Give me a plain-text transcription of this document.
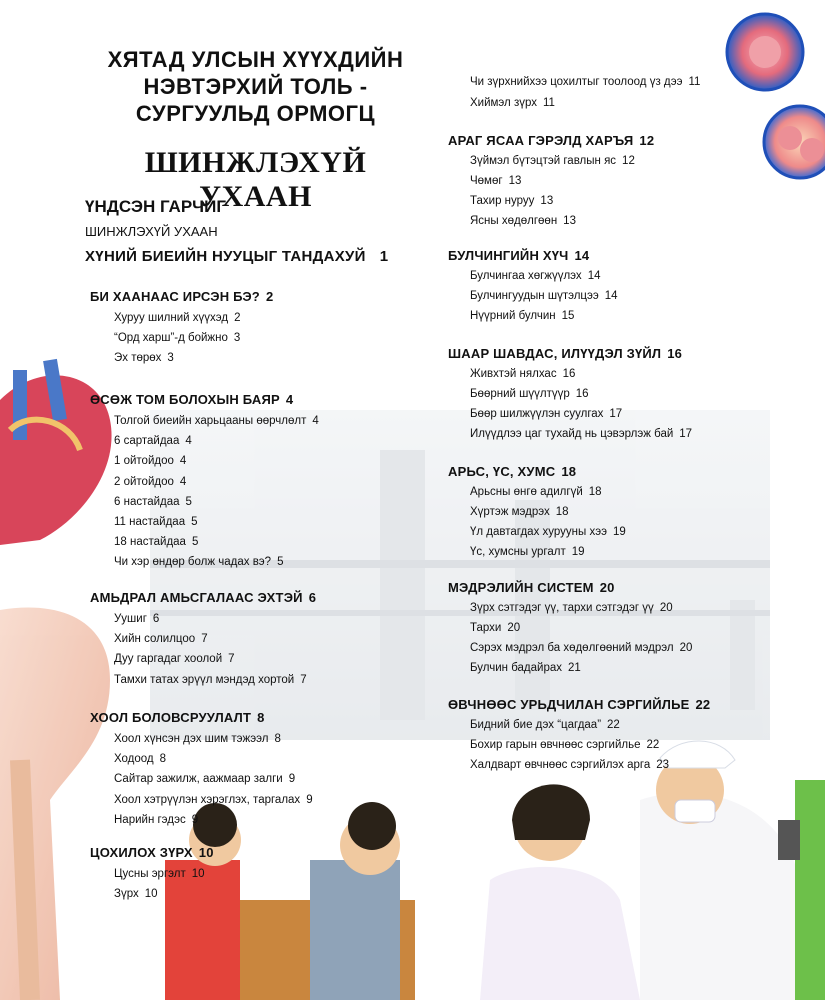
ХЯТАД УЛСЫН ХҮҮХДИЙН
НЭВТЭРХИЙ ТОЛЬ -
СУРГУУЛЬД ОРМОГЦ
ШИНЖЛЭХҮЙ УХААН
ҮНДСЭН ГАРЧИГ
ШИНЖЛЭХҮЙ УХААН
ХҮНИЙ БИЕИЙН НУУЦЫГ ТАНДАХУЙ 1
БИ ХААНААС ИРСЭН БЭ? 2
Хуруу шилний хүүхэд 2
“Орд харш”-д бойжно 3
Эх төрөх 3
ӨСӨЖ ТОМ БОЛОХЫН БАЯР 4
Толгой биеийн харьцааны өөрчлөлт 4
6 сартайдаа 4
1 ойтойдоо 4
2 ойтойдоо 4
6 настайдаа 5
11 настайдаа 5
18 настайдаа 5
Чи хэр өндөр болж чадах вэ? 5
АМЬДРАЛ АМЬСГАЛААС ЭХТЭЙ 6
Уушиг 6
Хийн солилцоо 7
Дуу гаргадаг хоолой 7
Тамхи татах эрүүл мэндэд хортой 7
ХООЛ БОЛОВСРУУЛАЛТ 8
Хоол хүнсэн дэх шим тэжээл 8
Ходоод 8
Сайтар зажилж, аажмаар залги 9
Хоол хэтрүүлэн хэрэглэх, таргалах 9
Нарийн гэдэс 9
ЦОХИЛОХ ЗҮРХ 10
Цусны эргэлт 10
Зүрх 10
Чи зүрхнийхээ цохилтыг тоолоод үз дээ 11
Хиймэл зүрх 11
АРАГ ЯСАА ГЭРЭЛД ХАРЪЯ 12
Зүймэл бүтэцтэй гавлын яс 12
Чөмөг 13
Тахир нуруу 13
Ясны хөдөлгөөн 13
БУЛЧИНГИЙН ХҮЧ 14
Булчингаа хөгжүүлэх 14
Булчингуудын шүтэлцээ 14
Нүүрний булчин 15
ШААР ШАВДАС, ИЛҮҮДЭЛ ЗҮЙЛ 16
Живхтэй нялхас 16
Бөөрний шүүлтүүр 16
Бөөр шилжүүлэн суулгах 17
Илүүдлээ цаг тухайд нь цэвэрлэж бай 17
АРЬС, ҮС, ХУМС 18
Арьсны өнгө адилгүй 18
Хүртэж мэдрэх 18
Үл давтагдах хурууны хээ 19
Үс, хумсны ургалт 19
МЭДРЭЛИЙН СИСТЕМ 20
Зүрх сэтгэдэг үү, тархи сэтгэдэг үү 20
Тархи 20
Сэрэх мэдрэл ба хөдөлгөөний мэдрэл 20
Булчин бадайрах 21
ӨВЧНӨӨС УРЬДЧИЛАН СЭРГИЙЛЬЕ 22
Бидний бие дэх “цагдаа” 22
Бохир гарын өвчнөөс сэргийлье 22
Халдварт өвчнөөс сэргийлэх арга 23
